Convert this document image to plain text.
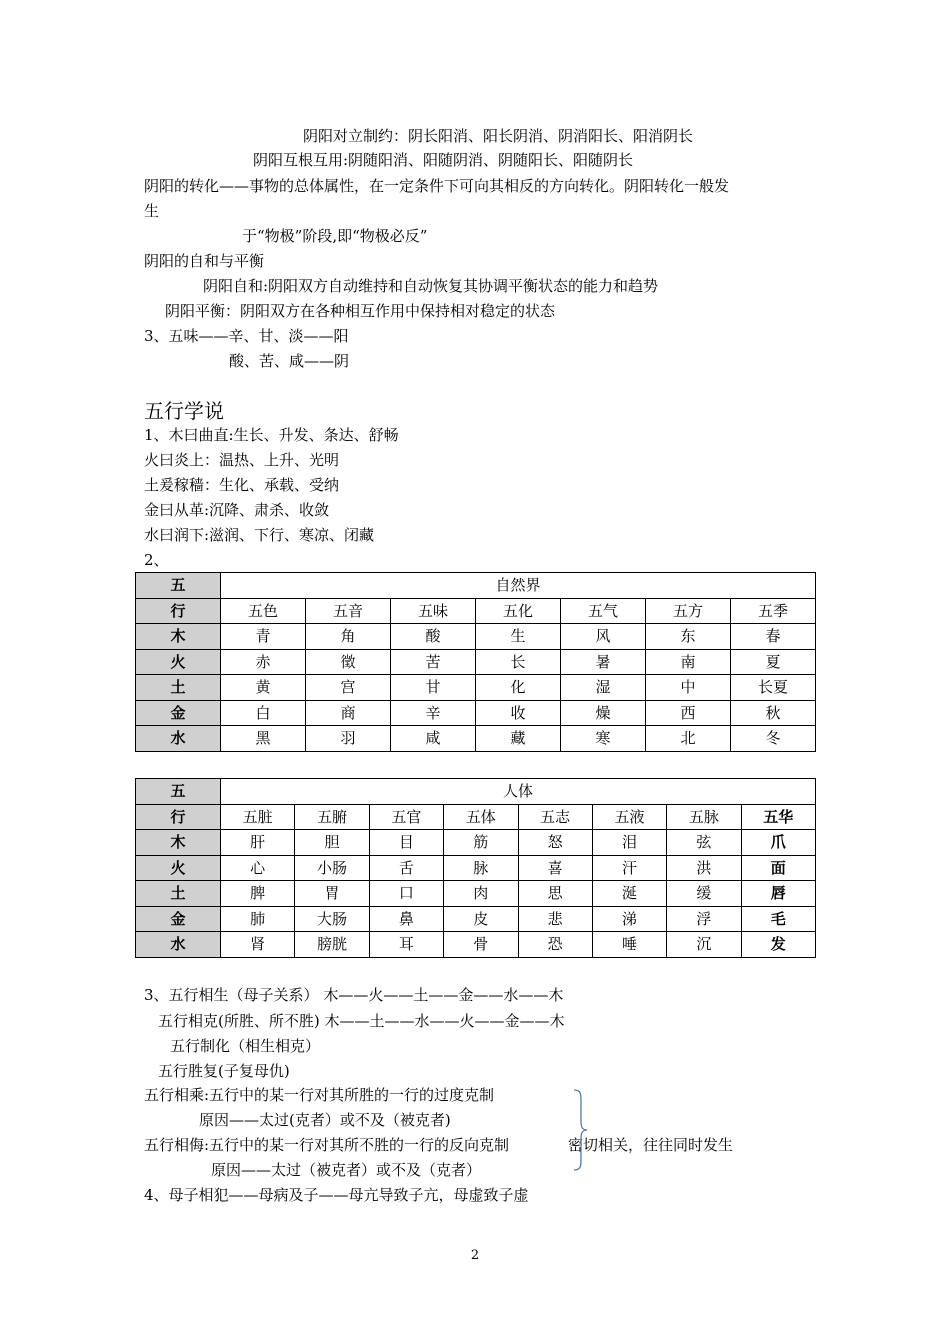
阴阳对立制约：阴长阳消、阳长阴消、阴消阳长、阳消阴长
阴阳互根互用:阴随阳消、阳随阴消、阴随阳长、阳随阴长
阴阳的转化——事物的总体属性，在一定条件下可向其相反的方向转化。阴阳转化一般发
生
于“物极”阶段,即“物极必反”
阴阳的自和与平衡
阴阳自和:阴阳双方自动维持和自动恢复其协调平衡状态的能力和趋势
阴阳平衡：阴阳双方在各种相互作用中保持相对稳定的状态
3、五味——辛、甘、淡——阳
酸、苦、咸——阴
五行学说
1、木曰曲直:生长、升发、条达、舒畅
火曰炎上：温热、上升、光明
土爰稼穑：生化、承载、受纳
金曰从革:沉降、肃杀、收敛
水曰润下:滋润、下行、寒凉、闭藏
2、
五	自然界						
行	五色	五音	五味	五化	五气	五方	五季
木	青	角	酸	生	风	东	春
火	赤	徵	苦	长	暑	南	夏
土	黄	宫	甘	化	湿	中	长夏
金	白	商	辛	收	燥	西	秋
水	黑	羽	咸	藏	寒	北	冬
五	人体							
行	五脏	五腑	五官	五体	五志	五液	五脉	五华
木	肝	胆	目	筋	怒	泪	弦	爪
火	心	小肠	舌	脉	喜	汗	洪	面
土	脾	胃	口	肉	思	涎	缓	唇
金	肺	大肠	鼻	皮	悲	涕	浮	毛
水	肾	膀胱	耳	骨	恐	唾	沉	发
3、五行相生（母子关系） 木——火——土——金——水——木
五行相克(所胜、所不胜) 木——土——水——火——金——木
五行制化（相生相克）
五行胜复(子复母仇)
五行相乘:五行中的某一行对其所胜的一行的过度克制
原因——太过(克者）或不及（被克者)
五行相侮:五行中的某一行对其所不胜的一行的反向克制	密切相关，往往同时发生
原因——太过（被克者）或不及（克者）
4、母子相犯——母病及子——母亢导致子亢，母虚致子虚
2
